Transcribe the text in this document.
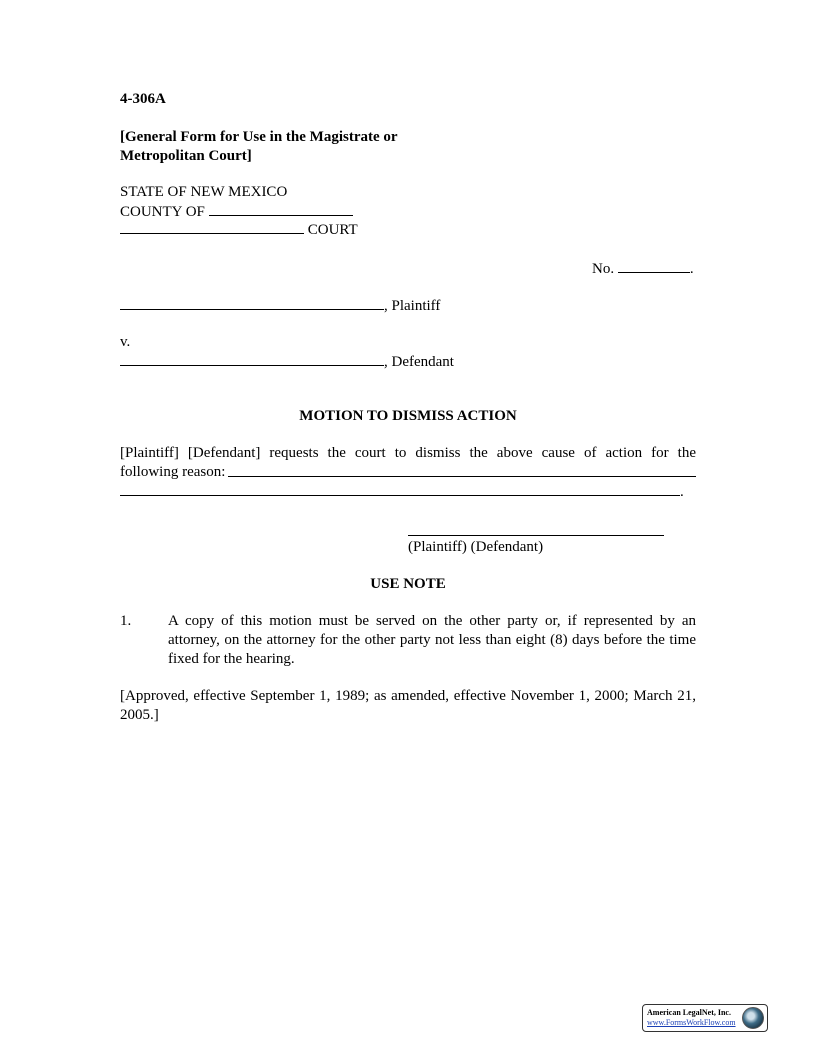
4-306A
[General Form for Use in the Magistrate or
Metropolitan Court]
STATE OF NEW MEXICO
COUNTY OF
COURT
No.	.
, Plaintiff
v.
, Defendant
MOTION TO DISMISS ACTION
[Plaintiff] [Defendant] requests the court to dismiss the above cause of action for the
following reason:
.
(Plaintiff) (Defendant)
USE NOTE
1. A copy of this motion must be served on the other party or, if represented by an attorney, on the attorney for the other party not less than eight (8) days before the time fixed for the hearing.
[Approved, effective September 1, 1989; as amended, effective November 1, 2000; March 21, 2005.]
American LegalNet, Inc.
www.FormsWorkFlow.com
